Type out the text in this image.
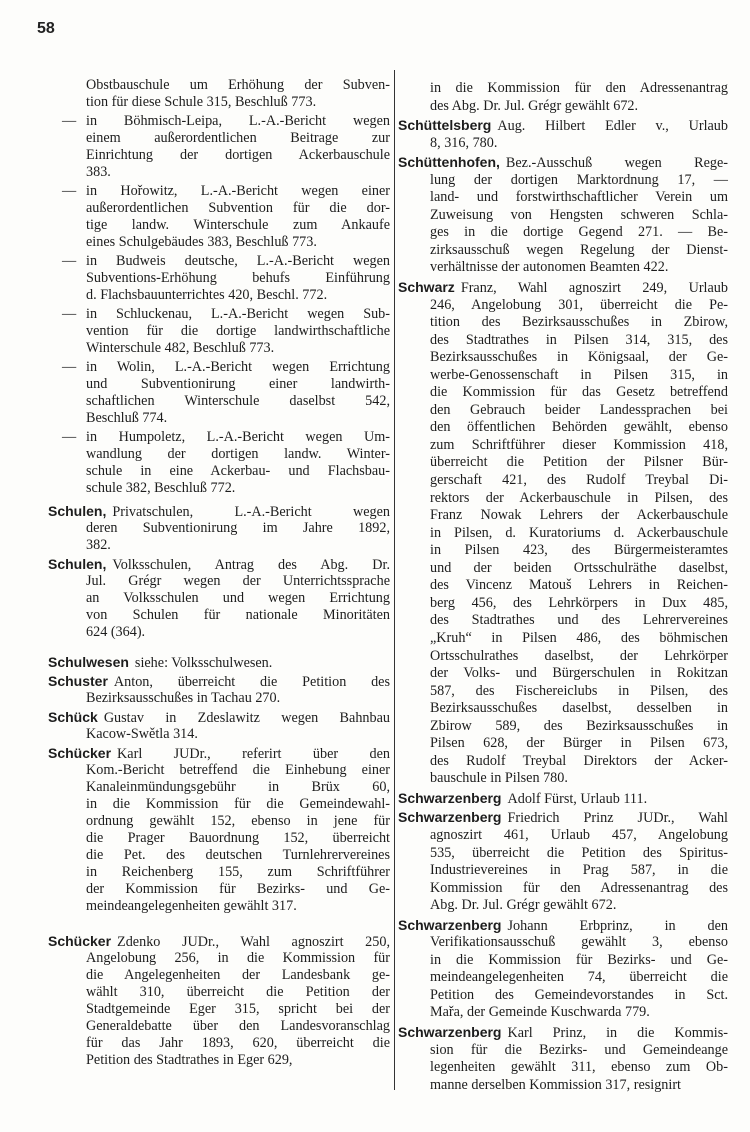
58
Obstbauschule um Erhöhung der Subven-
tion für diese Schule 315, Beschluß 773.
— in Böhmisch-Leipa, L.-A.-Bericht wegen
einem außerordentlichen Beitrage zur
Einrichtung der dortigen Ackerbauschule
383.
— in Hořowitz, L.-A.-Bericht wegen einer
außerordentlichen Subvention für die dor-
tige landw. Winterschule zum Ankaufe
eines Schulgebäudes 383, Beschluß 773.
— in Budweis deutsche, L.-A.-Bericht wegen
Subventions-Erhöhung behufs Einführung
d. Flachsbauunterrichtes 420, Beschl. 772.
— in Schluckenau, L.-A.-Bericht wegen Sub-
vention für die dortige landwirthschaftliche
Winterschule 482, Beschluß 773.
— in Wolin, L.-A.-Bericht wegen Errichtung
und Subventionirung einer landwirth-
schaftlichen Winterschule daselbst 542,
Beschluß 774.
— in Humpoletz, L.-A.-Bericht wegen Um-
wandlung der dortigen landw. Winter-
schule in eine Ackerbau- und Flachsbau-
schule 382, Beschluß 772.
Schulen, Privatschulen, L.-A.-Bericht wegen
deren Subventionirung im Jahre 1892,
382.
Schulen, Volksschulen, Antrag des Abg. Dr.
Jul. Grégr wegen der Unterrichtssprache
an Volksschulen und wegen Errichtung
von Schulen für nationale Minoritäten
624 (364).
Schulwesen siehe: Volksschulwesen.
Schuster Anton, überreicht die Petition des
Bezirksausschußes in Tachau 270.
Schück Gustav in Zdeslawitz wegen Bahnbau
Kacow-Swětla 314.
Schücker Karl JUDr., referirt über den
Kom.-Bericht betreffend die Einhebung einer
Kanaleinmündungsgebühr in Brüx 60,
in die Kommission für die Gemeindewahl-
ordnung gewählt 152, ebenso in jene für
die Prager Bauordnung 152, überreicht
die Pet. des deutschen Turnlehrervereines
in Reichenberg 155, zum Schriftführer
der Kommission für Bezirks- und Ge-
meindeangelegenheiten gewählt 317.
Schücker Zdenko JUDr., Wahl agnoszirt 250,
Angelobung 256, in die Kommission für
die Angelegenheiten der Landesbank ge-
wählt 310, überreicht die Petition der
Stadtgemeinde Eger 315, spricht bei der
Generaldebatte über den Landesvoranschlag
für das Jahr 1893, 620, überreicht die
Petition des Stadtrathes in Eger 629,
in die Kommission für den Adressenantrag
des Abg. Dr. Jul. Grégr gewählt 672.
Schüttelsberg Aug. Hilbert Edler v., Urlaub
8, 316, 780.
Schüttenhofen, Bez.-Ausschuß wegen Rege-
lung der dortigen Marktordnung 17, —
land- und forstwirthschaftlicher Verein um
Zuweisung von Hengsten schweren Schla-
ges in die dortige Gegend 271. — Be-
zirksausschuß wegen Regelung der Dienst-
verhältnisse der autonomen Beamten 422.
Schwarz Franz, Wahl agnoszirt 249, Urlaub
246, Angelobung 301, überreicht die Pe-
tition des Bezirksausschußes in Zbirow,
des Stadtrathes in Pilsen 314, 315, des
Bezirksausschußes in Königsaal, der Ge-
werbe-Genossenschaft in Pilsen 315, in
die Kommission für das Gesetz betreffend
den Gebrauch beider Landessprachen bei
den öffentlichen Behörden gewählt, ebenso
zum Schriftführer dieser Kommission 418,
überreicht die Petition der Pilsner Bür-
gerschaft 421, des Rudolf Treybal Di-
rektors der Ackerbauschule in Pilsen, des
Franz Nowak Lehrers der Ackerbauschule
in Pilsen, d. Kuratoriums d. Ackerbauschule
in Pilsen 423, des Bürgermeisteramtes
und der beiden Ortsschulräthe daselbst,
des Vincenz Matouš Lehrers in Reichen-
berg 456, des Lehrkörpers in Dux 485,
des Stadtrathes und des Lehrervereines
„Kruh“ in Pilsen 486, des böhmischen
Ortsschulrathes daselbst, der Lehrkörper
der Volks- und Bürgerschulen in Rokitzan
587, des Fischereiclubs in Pilsen, des
Bezirksausschußes daselbst, desselben in
Zbirow 589, des Bezirksausschußes in
Pilsen 628, der Bürger in Pilsen 673,
des Rudolf Treybal Direktors der Acker-
bauschule in Pilsen 780.
Schwarzenberg Adolf Fürst, Urlaub 111.
Schwarzenberg Friedrich Prinz JUDr., Wahl
agnoszirt 461, Urlaub 457, Angelobung
535, überreicht die Petition des Spiritus-
Industrievereines in Prag 587, in die
Kommission für den Adressenantrag des
Abg. Dr. Jul. Grégr gewählt 672.
Schwarzenberg Johann Erbprinz, in den
Verifikationsausschuß gewählt 3, ebenso
in die Kommission für Bezirks- und Ge-
meindeangelegenheiten 74, überreicht die
Petition des Gemeindevorstandes in Sct.
Mařa, der Gemeinde Kuschwarda 779.
Schwarzenberg Karl Prinz, in die Kommis-
sion für die Bezirks- und Gemeindeange
legenheiten gewählt 311, ebenso zum Ob-
manne derselben Kommission 317, resignirt
